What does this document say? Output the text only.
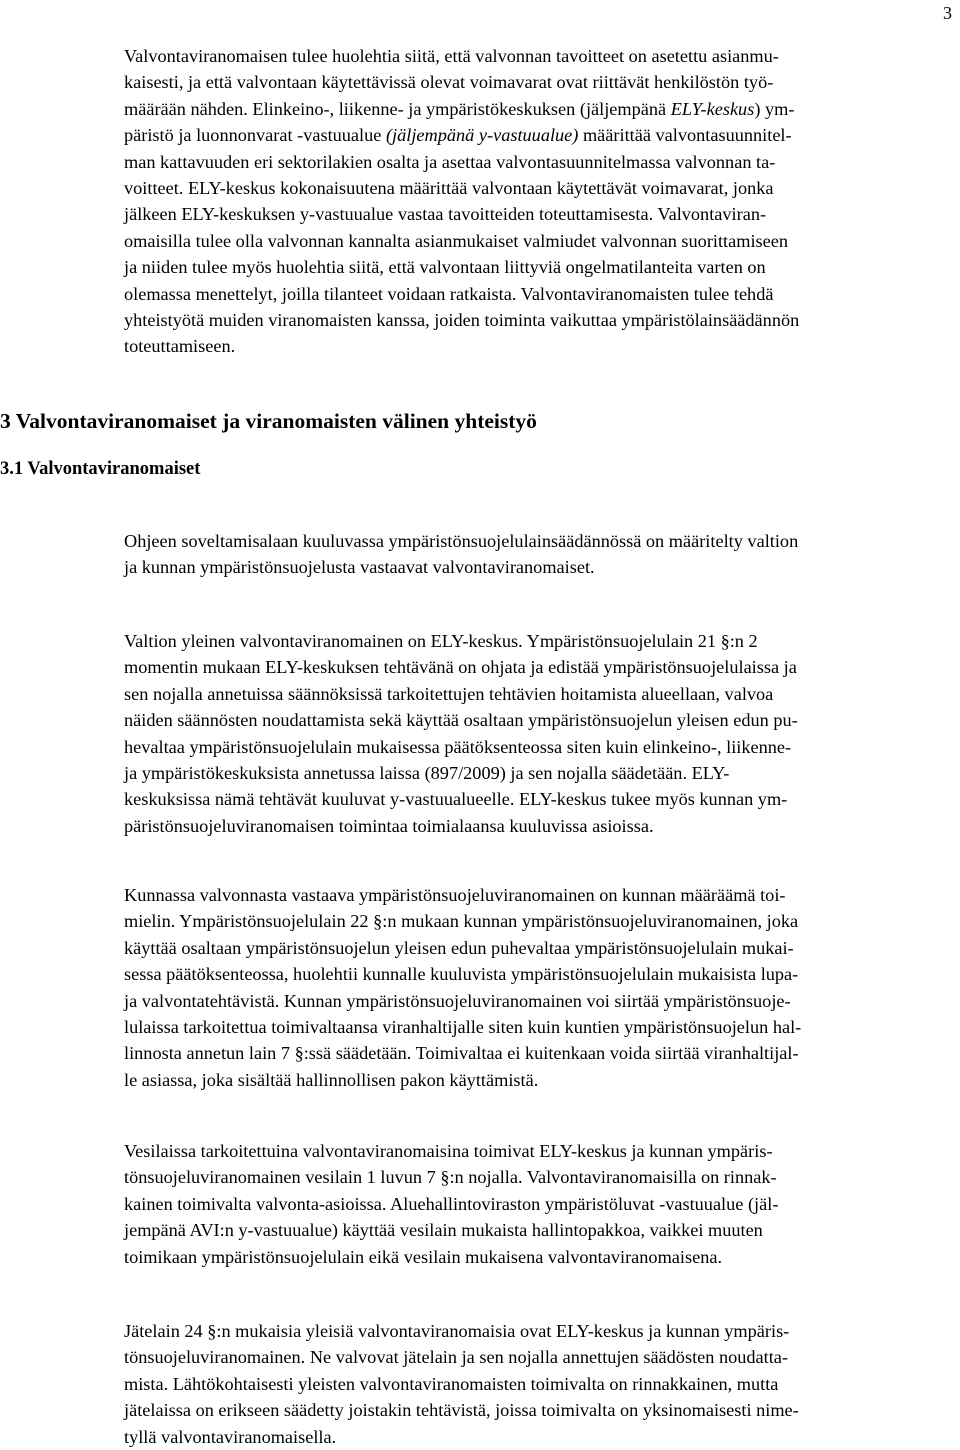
3

Valvontaviranomaisen tulee huolehtia siitä, että valvonnan tavoitteet on asetettu asianmu-
kaisesti, ja että valvontaan käytettävissä olevat voimavarat ovat riittävät henkilöstön työ-
määrään nähden. Elinkeino-, liikenne- ja ympäristökeskuksen (jäljempänä ELY-keskus) ym-
päristö ja luonnonvarat -vastuualue (jäljempänä y-vastuualue) määrittää valvontasuunnitel-
man kattavuuden eri sektorilakien osalta ja asettaa valvontasuunnitelmassa valvonnan ta-
voitteet. ELY-keskus kokonaisuutena määrittää valvontaan käytettävät voimavarat, jonka
jälkeen ELY-keskuksen y-vastuualue vastaa tavoitteiden toteuttamisesta. Valvontaviran-
omaisilla tulee olla valvonnan kannalta asianmukaiset valmiudet valvonnan suorittamiseen
ja niiden tulee myös huolehtia siitä, että valvontaan liittyviä ongelmatilanteita varten on
olemassa menettelyt, joilla tilanteet voidaan ratkaista. Valvontaviranomaisten tulee tehdä
yhteistyötä muiden viranomaisten kanssa, joiden toiminta vaikuttaa ympäristölainsäädännön
toteuttamiseen.

3 Valvontaviranomaiset ja viranomaisten välinen yhteistyö
3.1 Valvontaviranomaiset

Ohjeen soveltamisalaan kuuluvassa ympäristönsuojelulainsäädännössä on määritelty valtion
ja kunnan ympäristönsuojelusta vastaavat valvontaviranomaiset.

Valtion yleinen valvontaviranomainen on ELY-keskus. Ympäristönsuojelulain 21 §:n 2
momentin mukaan ELY-keskuksen tehtävänä on ohjata ja edistää ympäristönsuojelulaissa ja
sen nojalla annetuissa säännöksissä tarkoitettujen tehtävien hoitamista alueellaan, valvoa
näiden säännösten noudattamista sekä käyttää osaltaan ympäristönsuojelun yleisen edun pu-
hevaltaa ympäristönsuojelulain mukaisessa päätöksenteossa siten kuin elinkeino-, liikenne-
ja ympäristökeskuksista annetussa laissa (897/2009) ja sen nojalla säädetään. ELY-
keskuksissa nämä tehtävät kuuluvat y-vastuualueelle. ELY-keskus tukee myös kunnan ym-
päristönsuojeluviranomaisen toimintaa toimialaansa kuuluvissa asioissa.

Kunnassa valvonnasta vastaava ympäristönsuojeluviranomainen on kunnan määräämä toi-
mielin. Ympäristönsuojelulain 22 §:n mukaan kunnan ympäristönsuojeluviranomainen, joka
käyttää osaltaan ympäristönsuojelun yleisen edun puhevaltaa ympäristönsuojelulain mukai-
sessa päätöksenteossa, huolehtii kunnalle kuuluvista ympäristönsuojelulain mukaisista lupa-
ja valvontatehtävistä. Kunnan ympäristönsuojeluviranomainen voi siirtää ympäristönsuoje-
lulaissa tarkoitettua toimivaltaansa viranhaltijalle siten kuin kuntien ympäristönsuojelun hal-
linnosta annetun lain 7 §:ssä säädetään. Toimivaltaa ei kuitenkaan voida siirtää viranhaltijal-
le asiassa, joka sisältää hallinnollisen pakon käyttämistä.

Vesilaissa tarkoitettuina valvontaviranomaisina toimivat ELY-keskus ja kunnan ympäris-
tönsuojeluviranomainen vesilain 1 luvun 7 §:n nojalla. Valvontaviranomaisilla on rinnak-
kainen toimivalta valvonta-asioissa. Aluehallintoviraston ympäristöluvat -vastuualue (jäl-
jempänä AVI:n y-vastuualue) käyttää vesilain mukaista hallintopakkoa, vaikkei muuten
toimikaan ympäristönsuojelulain eikä vesilain mukaisena valvontaviranomaisena.

Jätelain 24 §:n mukaisia yleisiä valvontaviranomaisia ovat ELY-keskus ja kunnan ympäris-
tönsuojeluviranomainen. Ne valvovat jätelain ja sen nojalla annettujen säädösten noudatta-
mista. Lähtökohtaisesti yleisten valvontaviranomaisten toimivalta on rinnakkainen, mutta
jätelaissa on erikseen säädetty joistakin tehtävistä, joissa toimivalta on yksinomaisesti nime-
tyllä valvontaviranomaisella.
